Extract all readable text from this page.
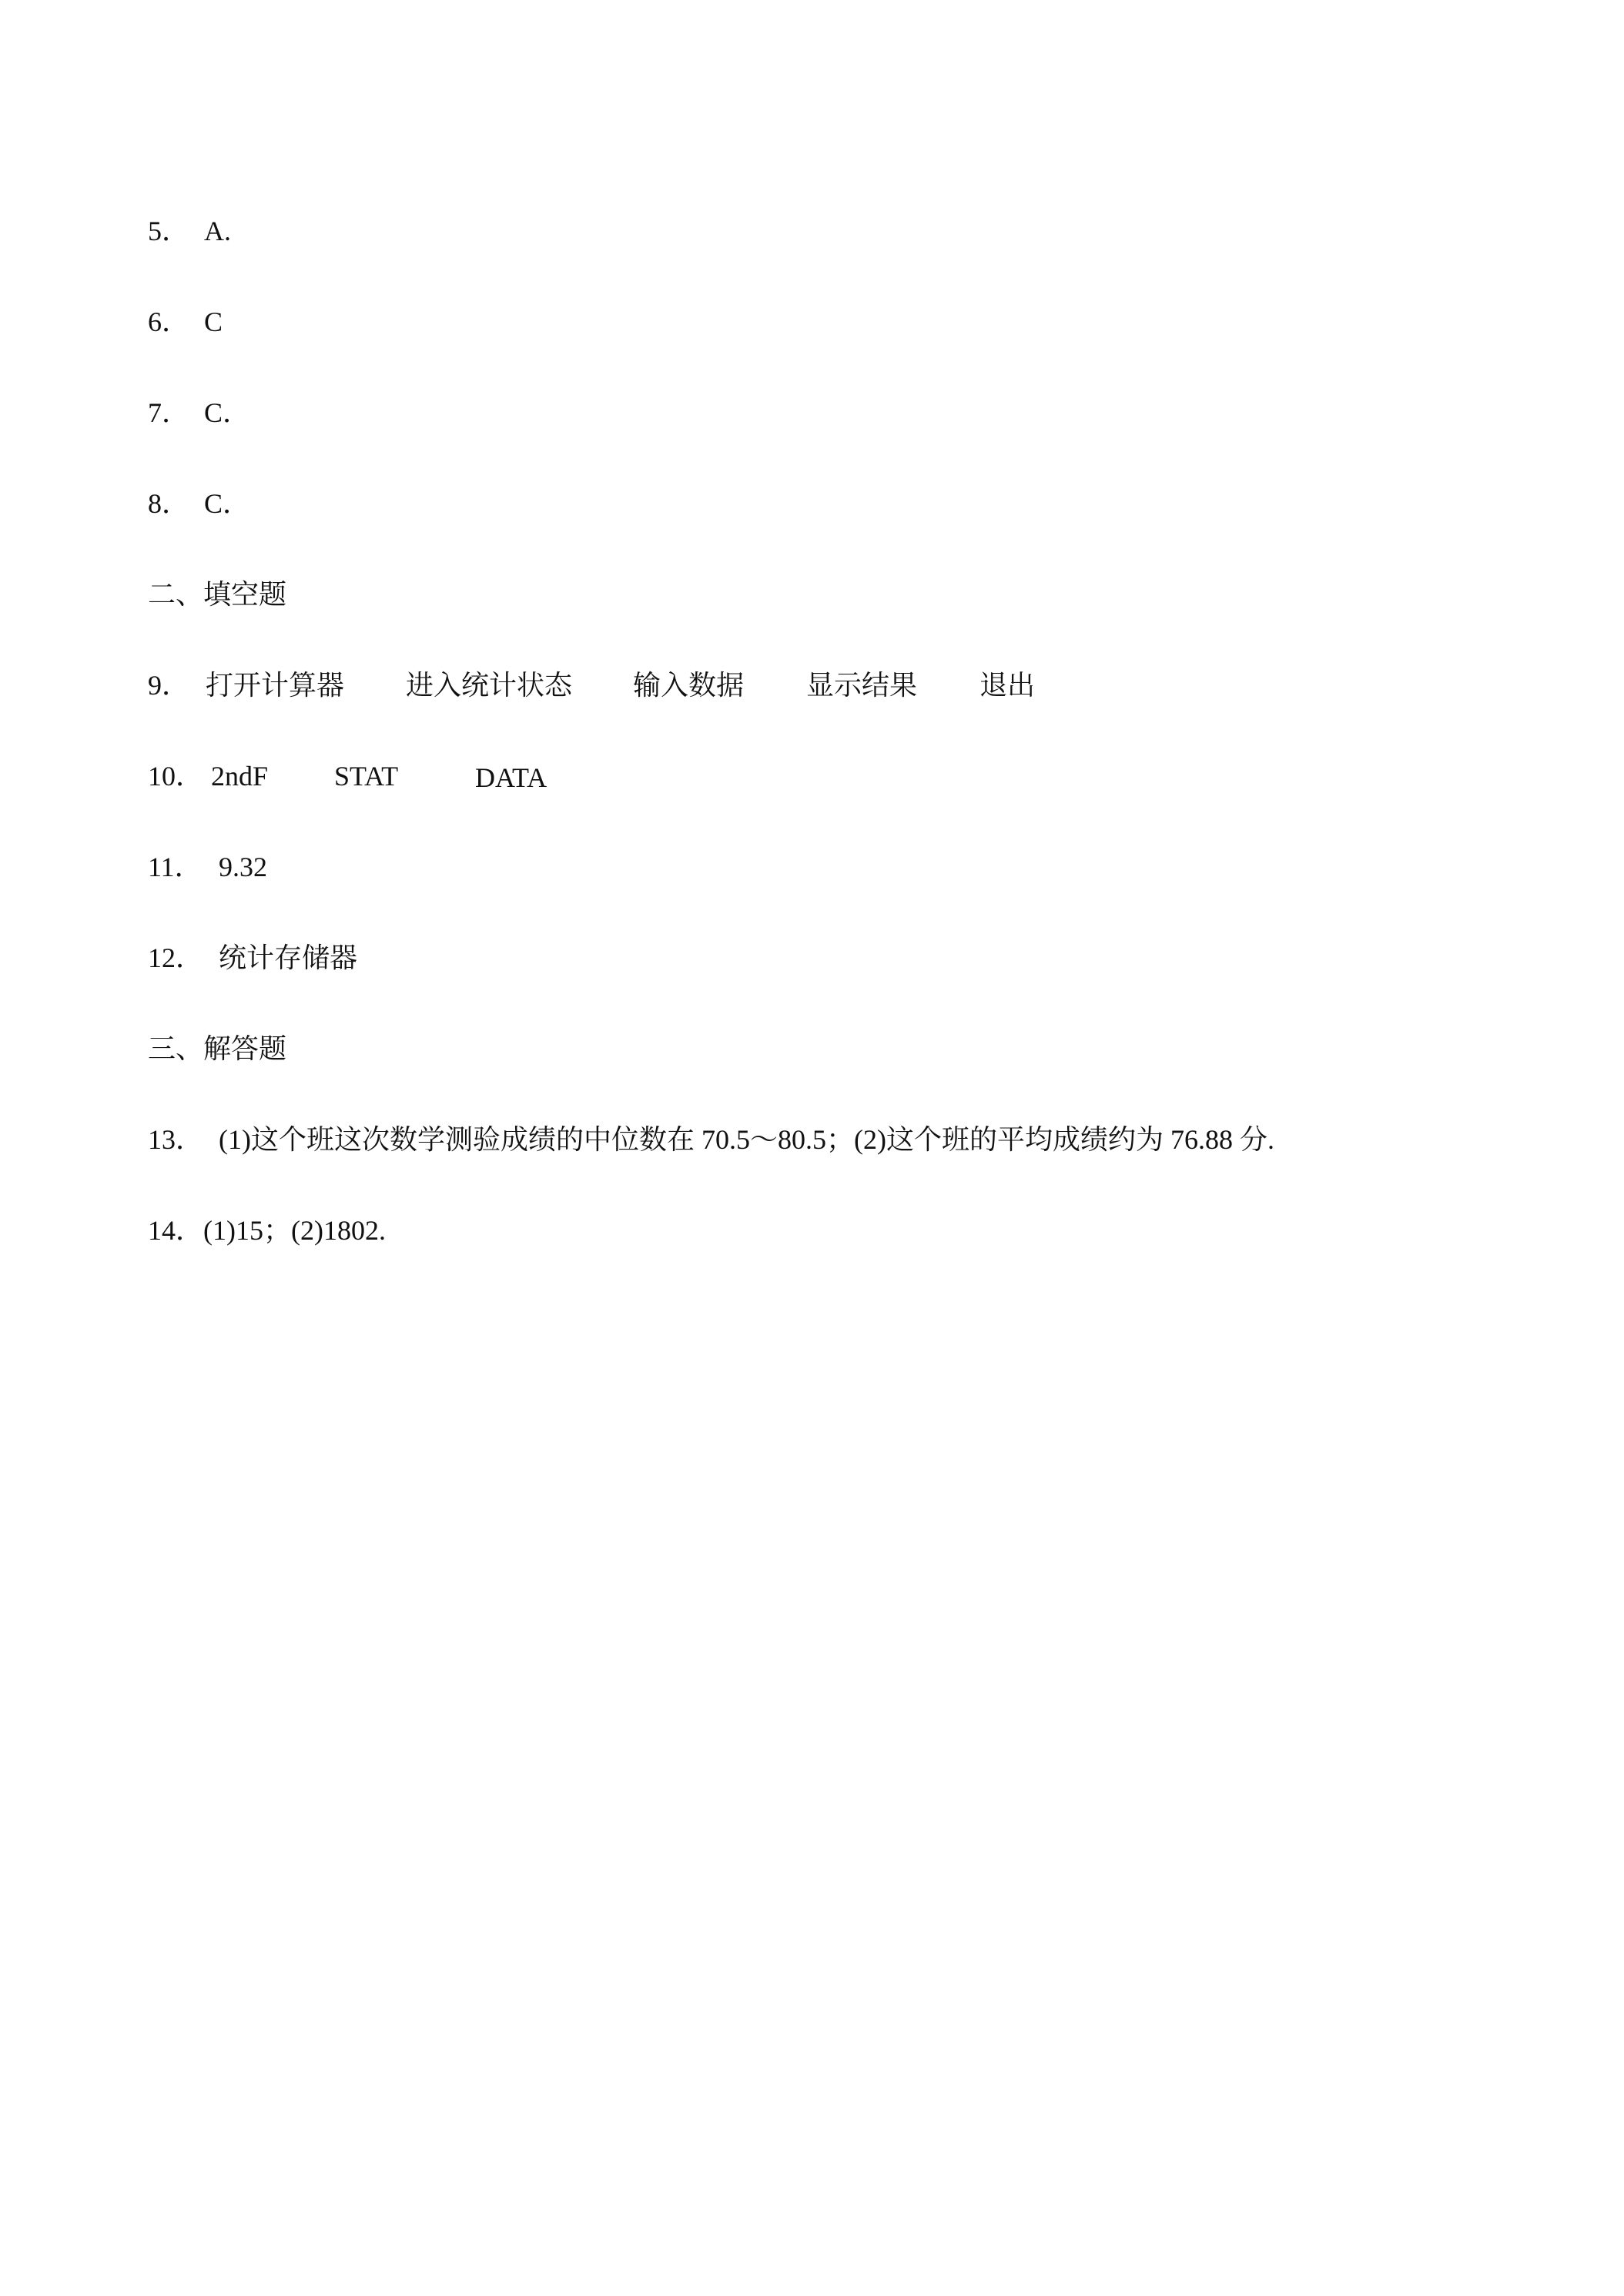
5．

A.

6．

C

7．

C．

8．

C．

二、填空题

9．

打开计算器

进入统计状态

输入数据

显示结果

退出

10．

2ndF

STAT

	DATA

11．

9.32

12．

统计存储器

三、解答题

13．

(1)这个班这次数学测验成绩的中位数在 70.5～80.5；(2)这个班的平均成绩约为 76.88 分.

14．

(1)15；(2)1802.
